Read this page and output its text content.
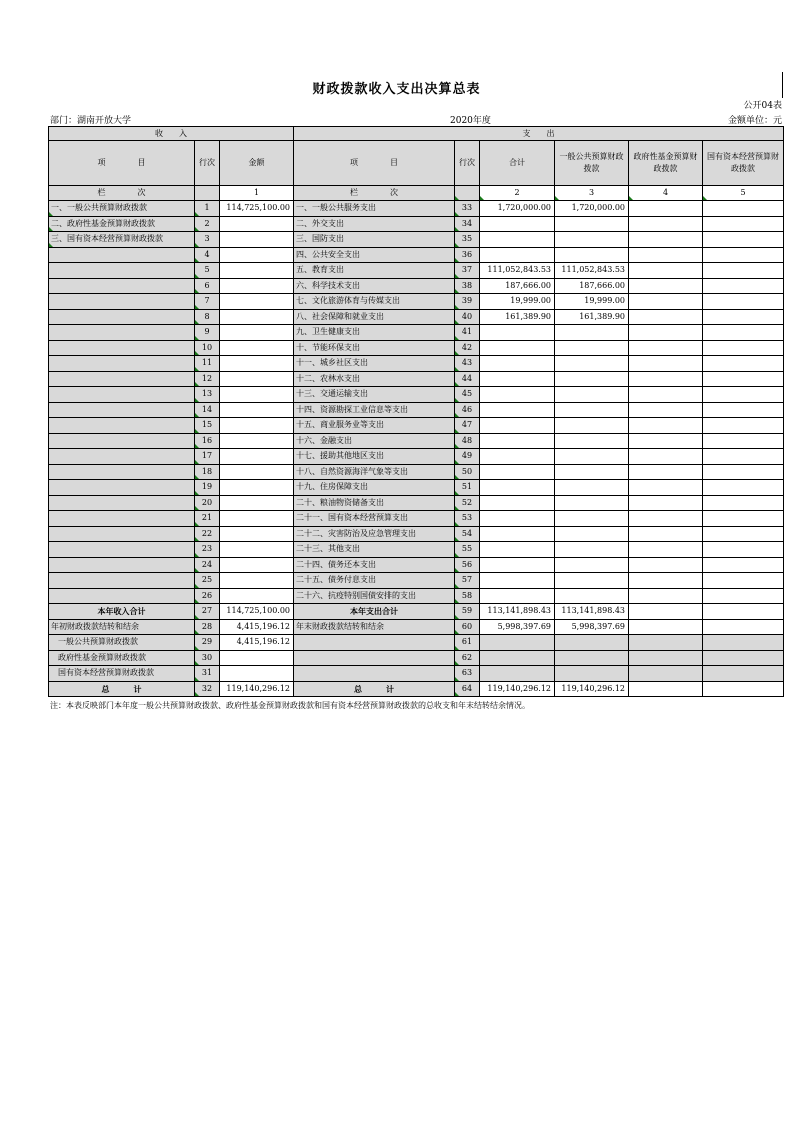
财政拨款收入支出决算总表
公开04表
部门：湖南开放大学	2020年度	金额单位：元
收　　入			支　　出					
项　　　　目	行次	金额	项　　　　目	行次	合计	一般公共预算财政拨款	政府性基金预算财政拨款	国有资本经营预算财政拨款
栏　　　　次		1	栏　　　　次		2	3	4	5
一、一般公共预算财政拨款	1	114,725,100.00	一、一般公共服务支出	33	1,720,000.00	1,720,000.00		
二、政府性基金预算财政拨款	2		二、外交支出	34				
三、国有资本经营预算财政拨款	3		三、国防支出	35				
	4		四、公共安全支出	36				
	5		五、教育支出	37	111,052,843.53	111,052,843.53		
	6		六、科学技术支出	38	187,666.00	187,666.00		
	7		七、文化旅游体育与传媒支出	39	19,999.00	19,999.00		
	8		八、社会保障和就业支出	40	161,389.90	161,389.90		
	9		九、卫生健康支出	41				
	10		十、节能环保支出	42				
	11		十一、城乡社区支出	43				
	12		十二、农林水支出	44				
	13		十三、交通运输支出	45				
	14		十四、资源勘探工业信息等支出	46				
	15		十五、商业服务业等支出	47				
	16		十六、金融支出	48				
	17		十七、援助其他地区支出	49				
	18		十八、自然资源海洋气象等支出	50				
	19		十九、住房保障支出	51				
	20		二十、粮油物资储备支出	52				
	21		二十一、国有资本经营预算支出	53				
	22		二十二、灾害防治及应急管理支出	54				
	23		二十三、其他支出	55				
	24		二十四、债务还本支出	56				
	25		二十五、债务付息支出	57				
	26		二十六、抗疫特别国债安排的支出	58				
本年收入合计	27	114,725,100.00	本年支出合计	59	113,141,898.43	113,141,898.43		
年初财政拨款结转和结余	28	4,415,196.12	年末财政拨款结转和结余	60	5,998,397.69	5,998,397.69		
一般公共预算财政拨款	29	4,415,196.12		61				
政府性基金预算财政拨款	30			62				
国有资本经营预算财政拨款	31			63				
总　　　计	32	119,140,296.12	总　　　计	64	119,140,296.12	119,140,296.12		
注：本表反映部门本年度一般公共预算财政拨款、政府性基金预算财政拨款和国有资本经营预算财政拨款的总收支和年末结转结余情况。
